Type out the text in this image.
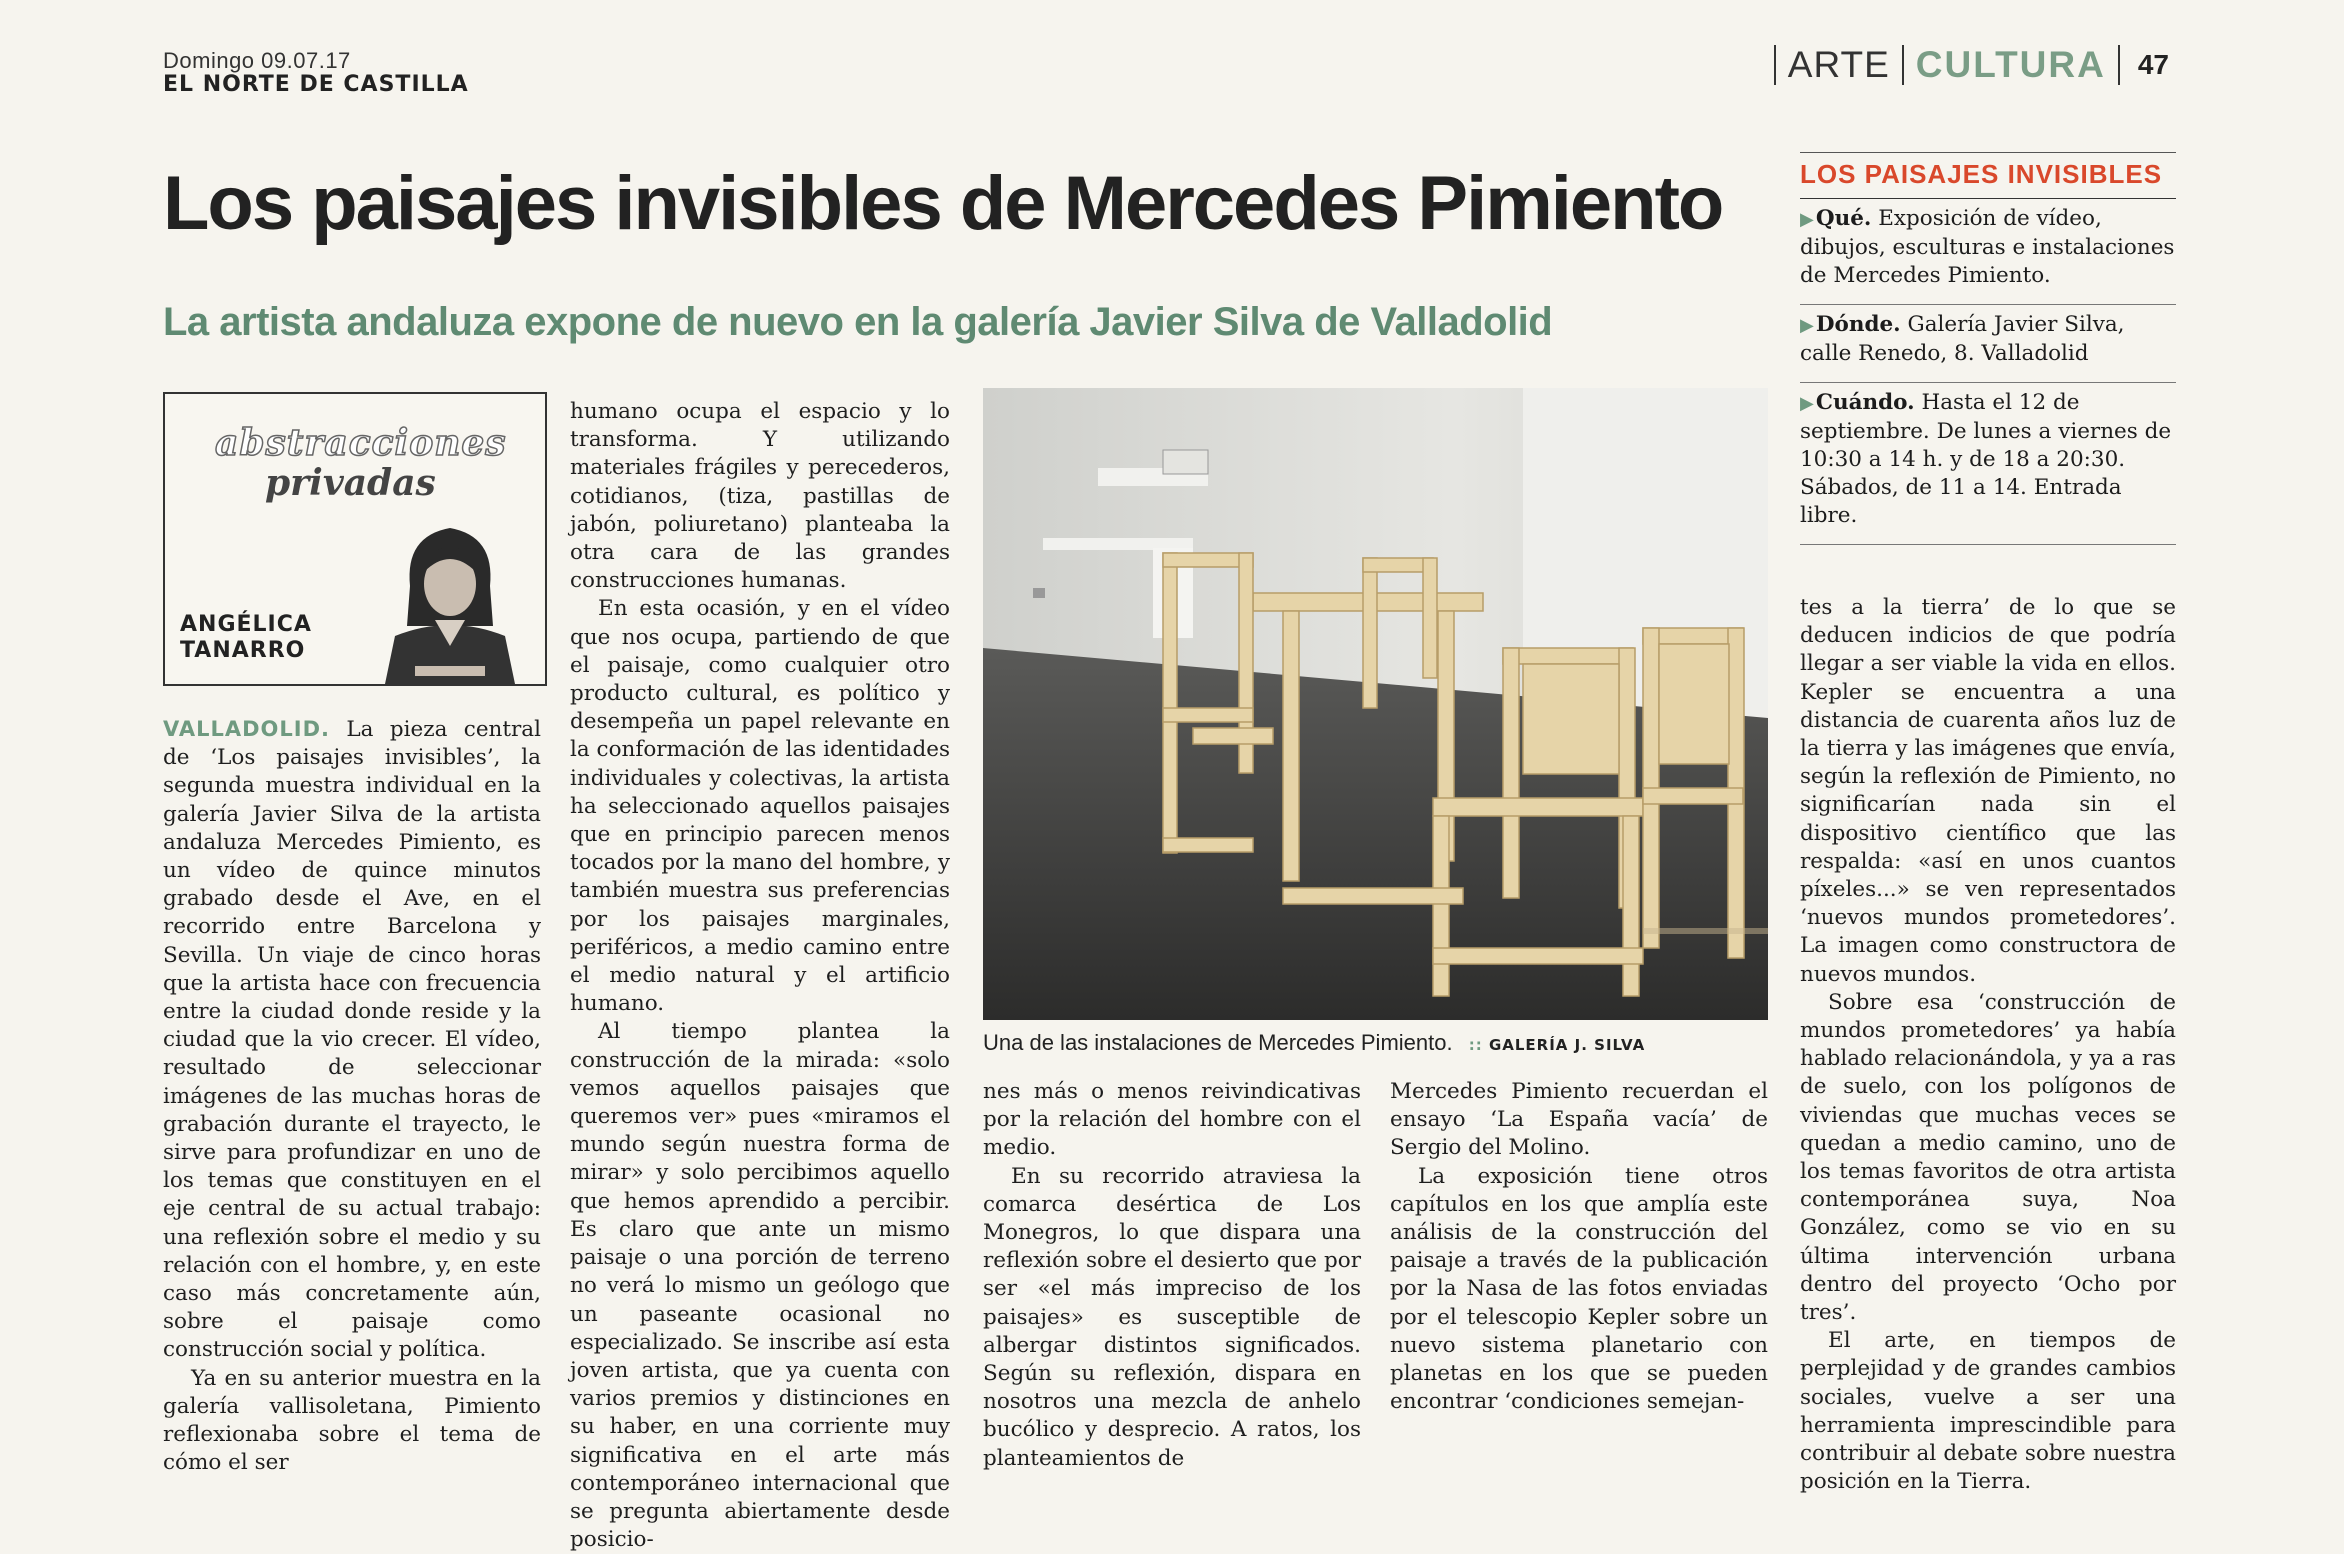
Domingo 09.07.17
EL NORTE DE CASTILLA	ARTE CULTURA 47
Los paisajes invisibles de Mercedes Pimiento
La artista andaluza expone de nuevo en la galería Javier Silva de Valladolid
abstracciones
privadas
ANGÉLICA
TANARRO

VALLADOLID. La pieza central de ‘Los paisajes invisibles’, la segunda muestra individual en la galería Javier Silva de la artista andaluza Mercedes Pimiento, es un vídeo de quince minutos grabado desde el Ave, en el recorrido entre Barcelona y Sevilla. Un viaje de cinco horas que la artista hace con frecuencia entre la ciudad donde reside y la ciudad que la vio crecer. El vídeo, resultado de seleccionar imágenes de las muchas horas de grabación durante el trayecto, le sirve para profundizar en uno de los temas que constituyen en el eje central de su actual trabajo: una reflexión sobre el medio y su relación con el hombre, y, en este caso más concretamente aún, sobre el paisaje como construcción social y política.

Ya en su anterior muestra en la galería vallisoletana, Pimiento reflexionaba sobre el tema de cómo el ser

humano ocupa el espacio y lo transforma. Y utilizando materiales frágiles y perecederos, cotidianos, (tiza, pastillas de jabón, poliuretano) planteaba la otra cara de las grandes construcciones humanas.

En esta ocasión, y en el vídeo que nos ocupa, partiendo de que el paisaje, como cualquier otro producto cultural, es político y desempeña un papel relevante en la conformación de las identidades individuales y colectivas, la artista ha seleccionado aquellos paisajes que en principio parecen menos tocados por la mano del hombre, y también muestra sus preferencias por los paisajes marginales, periféricos, a medio camino entre el medio natural y el artificio humano.

Al tiempo plantea la construcción de la mirada: «solo vemos aquellos paisajes que queremos ver» pues «miramos el mundo según nuestra forma de mirar» y solo percibimos aquello que hemos aprendido a percibir. Es claro que ante un mismo paisaje o una porción de terreno no verá lo mismo un geólogo que un paseante ocasional no especializado. Se inscribe así esta joven artista, que ya cuenta con varios premios y distinciones en su haber, en una corriente muy significativa en el arte más contemporáneo internacional que se pregunta abiertamente desde posicio-

Una de las instalaciones de Mercedes Pimiento. :: GALERÍA J. SILVA

nes más o menos reivindicativas por la relación del hombre con el medio.

En su recorrido atraviesa la comarca desértica de Los Monegros, lo que dispara una reflexión sobre el desierto que por ser «el más impreciso de los paisajes» es susceptible de albergar distintos significados. Según su reflexión, dispara en nosotros una mezcla de anhelo bucólico y desprecio. A ratos, los planteamientos de

Mercedes Pimiento recuerdan el ensayo ‘La España vacía’ de Sergio del Molino.

La exposición tiene otros capítulos en los que amplía este análisis de la construcción del paisaje a través de la publicación por la Nasa de las fotos enviadas por el telescopio Kepler sobre un nuevo sistema planetario con planetas en los que se pueden encontrar ‘condiciones semejan-

LOS PAISAJES INVISIBLES
▶Qué. Exposición de vídeo, dibujos, esculturas e instalaciones de Mercedes Pimiento.
▶Dónde. Galería Javier Silva, calle Renedo, 8. Valladolid
▶Cuándo. Hasta el 12 de septiembre. De lunes a viernes de 10:30 a 14 h. y de 18 a 20:30. Sábados, de 11 a 14. Entrada libre.

tes a la tierra’ de lo que se deducen indicios de que podría llegar a ser viable la vida en ellos. Kepler se encuentra a una distancia de cuarenta años luz de la tierra y las imágenes que envía, según la reflexión de Pimiento, no significarían nada sin el dispositivo científico que las respalda: «así en unos cuantos píxeles...» se ven representados ‘nuevos mundos prometedores’. La imagen como constructora de nuevos mundos.

Sobre esa ‘construcción de mundos prometedores’ ya había hablado relacionándola, y ya a ras de suelo, con los polígonos de viviendas que muchas veces se quedan a medio camino, uno de los temas favoritos de otra artista contemporánea suya, Noa González, como se vio en su última intervención urbana dentro del proyecto ‘Ocho por tres’.

El arte, en tiempos de perplejidad y de grandes cambios sociales, vuelve a ser una herramienta imprescindible para contribuir al debate sobre nuestra posición en la Tierra.
